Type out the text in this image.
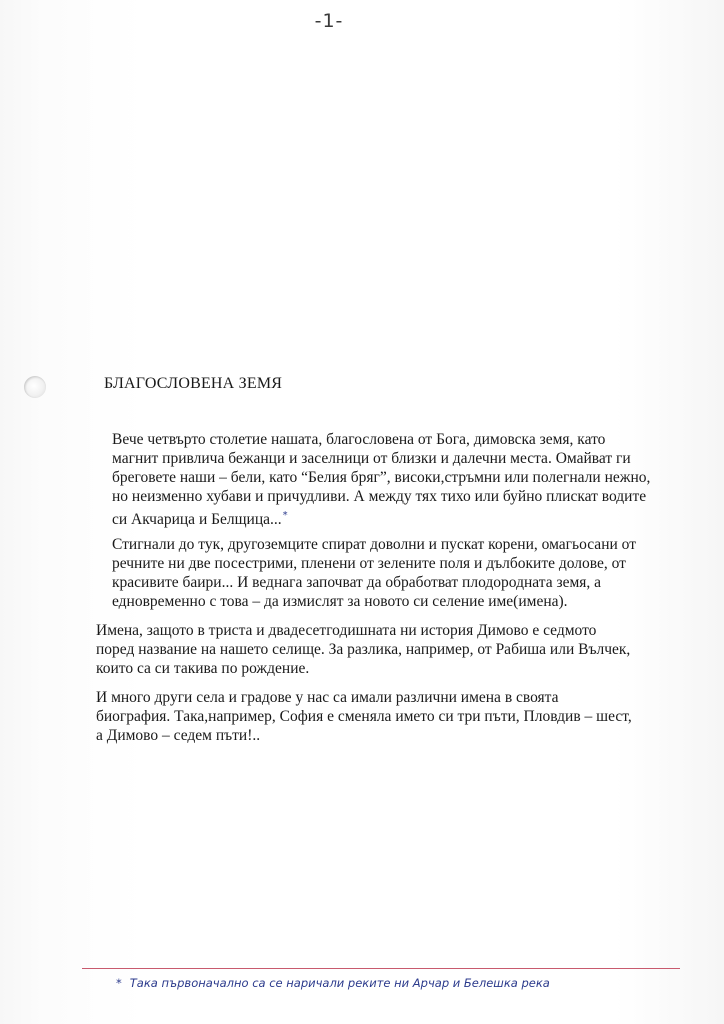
-1-
БЛАГОСЛОВЕНА ЗЕМЯ

Вече четвърто столетие нашата, благословена от Бога, димовска земя, като магнит привлича бежанци и заселници от близки и далечни места. Омайват ги бреговете наши – бели, като “Белия бряг”, високи,стръмни или полегнали нежно, но неизменно хубави и причудливи. А между тях тихо или буйно плискат водите си Акчарица и Белщица...*

Стигнали до тук, другоземците спират доволни и пускат корени, омагьосани от речните ни две посестрими, пленени от зелените поля и дълбоките долове, от красивите баири... И веднага започват да обработват плодородната земя, а едновременно с това – да измислят за новото си селение име(имена).

Имена, защото в триста и двадесетгодишната ни история Димово е седмото поред название на нашето селище. За разлика, например, от Рабиша или Вълчек, които са си такива по рождение.

И много други села и градове у нас са имали различни имена в своята биография. Така,например, София е сменяла името си три пъти, Пловдив – шест, а Димово – седем пъти!..

* Така първоначално са се наричали реките ни Арчар и Белешка река
